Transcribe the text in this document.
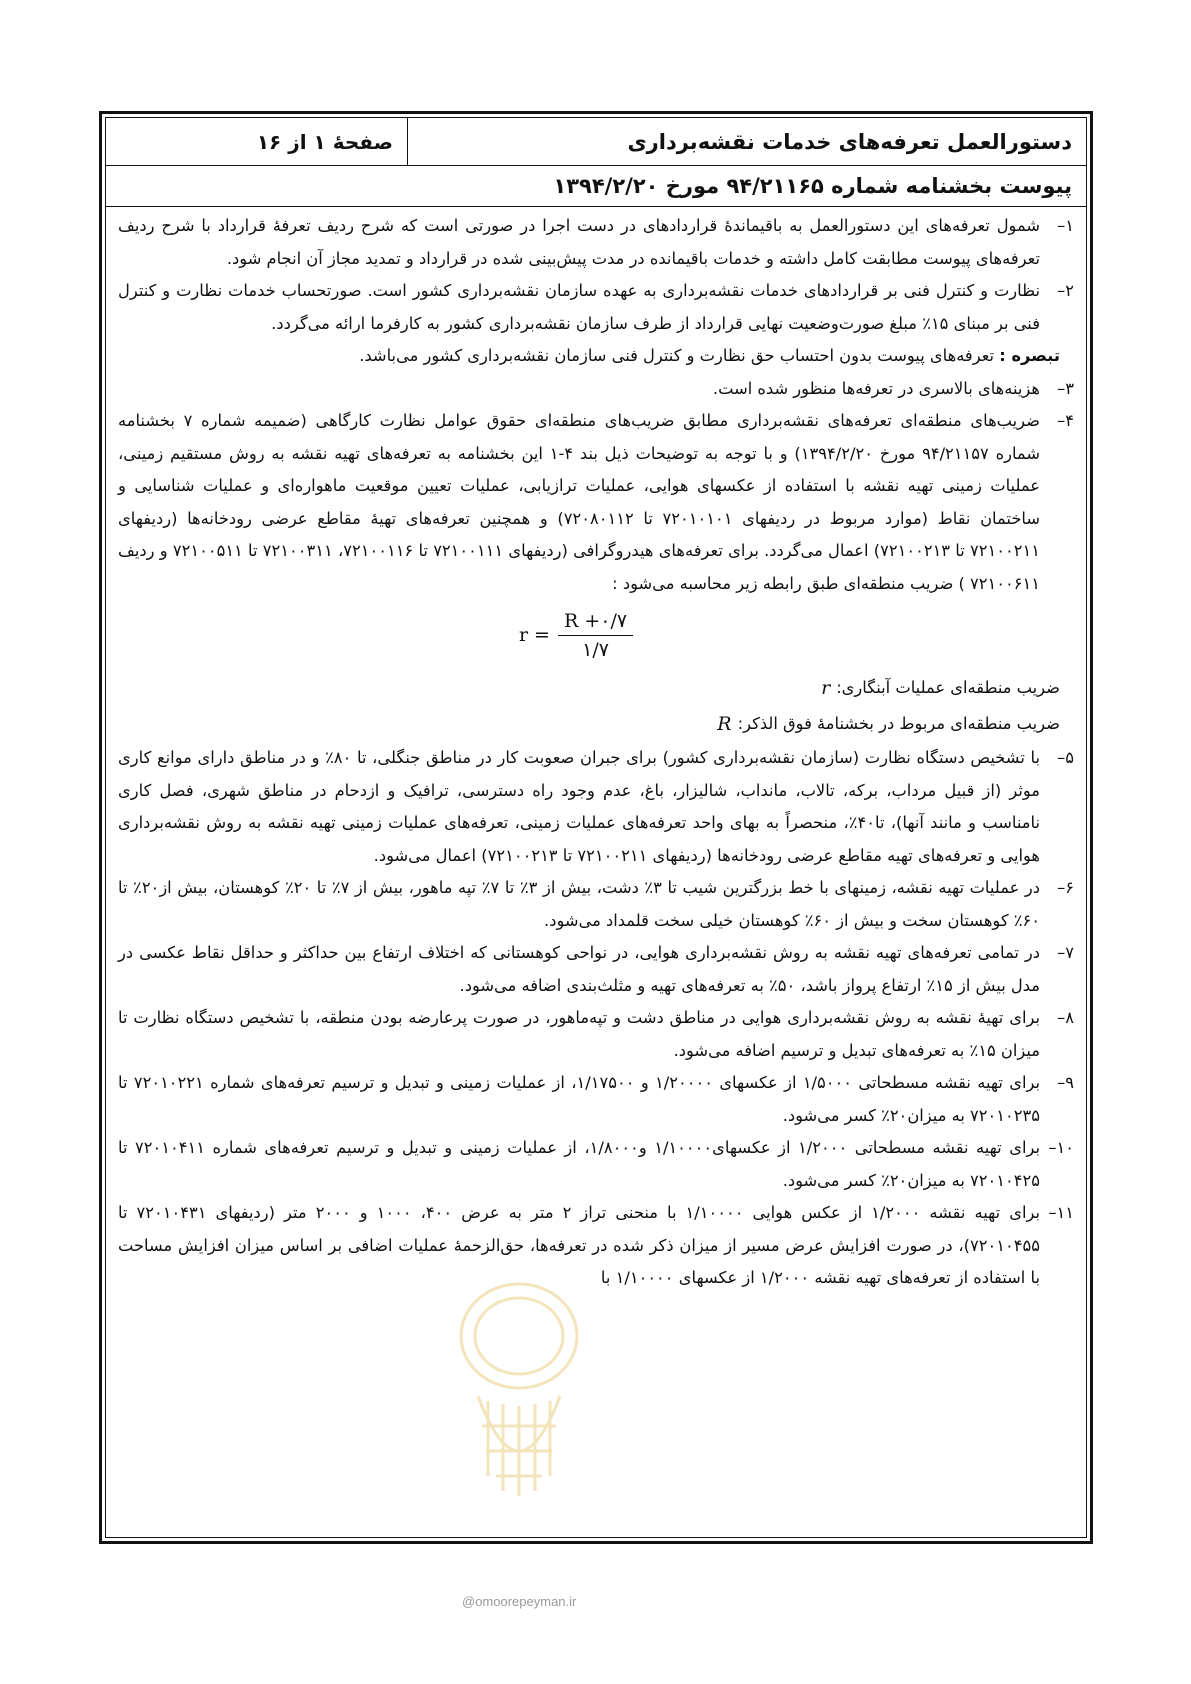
دستورالعمل تعرفه‌های خدمات نقشه‌برداری
صفحهٔ ۱ از ۱۶
پیوست بخشنامه شماره ۹۴/۲۱۱۶۵ مورخ ۱۳۹۴/۲/۲۰
۱–
شمول تعرفه‌های این دستورالعمل به باقیماندهٔ قراردادهای در دست اجرا در صورتی است که شرح ردیف تعرفهٔ قرارداد با شرح ردیف تعرفه‌های پیوست مطابقت کامل داشته و خدمات باقیمانده در مدت پیش‌بینی شده در قرارداد و تمدید مجاز آن انجام شود.
۲–
نظارت و کنترل فنی بر قراردادهای خدمات نقشه‌برداری به عهده سازمان نقشه‌برداری کشور است. صورتحساب خدمات نظارت و کنترل فنی بر مبنای ۱۵٪ مبلغ صورت‌وضعیت نهایی قرارداد از طرف سازمان نقشه‌برداری کشور به کارفرما ارائه می‌گردد.
تبصره : تعرفه‌های پیوست بدون احتساب حق نظارت و کنترل فنی سازمان نقشه‌برداری کشور می‌باشد.
۳–
هزینه‌های بالاسری در تعرفه‌ها منظور شده است.
۴–
ضریب‌های منطقه‌ای تعرفه‌های نقشه‌برداری مطابق ضریب‌های منطقه‌ای حقوق عوامل نظارت کارگاهی (ضمیمه شماره ۷ بخشنامه شماره ۹۴/۲۱۱۵۷ مورخ ۱۳۹۴/۲/۲۰) و با توجه به توضیحات ذیل بند ۴-۱ این بخشنامه به تعرفه‌های تهیه نقشه به روش مستقیم زمینی، عملیات زمینی تهیه نقشه با استفاده از عکسهای هوایی، عملیات ترازیابی، عملیات تعیین موقعیت ماهواره‌ای و عملیات شناسایی و ساختمان نقاط (موارد مربوط در ردیفهای ۷۲۰۱۰۱۰۱ تا ۷۲۰۸۰۱۱۲) و همچنین تعرفه‌های تهیهٔ مقاطع عرضی رودخانه‌ها (ردیفهای ۷۲۱۰۰۲۱۱ تا ۷۲۱۰۰۲۱۳) اعمال می‌گردد. برای تعرفه‌های هیدروگرافی (ردیفهای ۷۲۱۰۰۱۱۱ تا ۷۲۱۰۰۱۱۶، ۷۲۱۰۰۳۱۱ تا ۷۲۱۰۰۵۱۱ و ردیف ۷۲۱۰۰۶۱۱ ) ضریب منطقه‌ای طبق رابطه زیر محاسبه می‌شود :
$r = \frac{R +۰/۷}{۱/۷}$
ضریب منطقه‌ای عملیات آبنگاری:
r
ضریب منطقه‌ای مربوط در بخشنامهٔ فوق الذکر:
R
۵–
با تشخیص دستگاه نظارت (سازمان نقشه‌برداری کشور) برای جبران صعوبت کار در مناطق جنگلی، تا ۸۰٪ و در مناطق دارای موانع کاری موثر (از قبیل مرداب، برکه، تالاب، مانداب، شالیزار، باغ، عدم وجود راه دسترسی، ترافیک و ازدحام در مناطق شهری، فصل کاری نامناسب و مانند آنها)، تا۴۰٪، منحصراً به بهای واحد تعرفه‌های عملیات زمینی، تعرفه‌های عملیات زمینی تهیه نقشه به روش نقشه‌برداری هوایی و تعرفه‌های تهیه مقاطع عرضی رودخانه‌ها (ردیفهای ۷۲۱۰۰۲۱۱ تا ۷۲۱۰۰۲۱۳) اعمال می‌شود.
۶–
در عملیات تهیه نقشه، زمینهای با خط بزرگترین شیب تا ۳٪ دشت، بیش از ۳٪ تا ۷٪ تپه ماهور، بیش از ۷٪ تا ۲۰٪ کوهستان، بیش از۲۰٪ تا ۶۰٪ کوهستان سخت و بیش از ۶۰٪ کوهستان خیلی سخت قلمداد می‌شود.
۷–
در تمامی تعرفه‌های تهیه نقشه به روش نقشه‌برداری هوایی، در نواحی کوهستانی که اختلاف ارتفاع بین حداکثر و حداقل نقاط عکسی در مدل بیش از ۱۵٪ ارتفاع پرواز باشد، ۵۰٪ به تعرفه‌های تهیه و مثلث‌بندی اضافه می‌شود.
۸–
برای تهیهٔ نقشه به روش نقشه‌برداری هوایی در مناطق دشت و تپه‌ماهور، در صورت پرعارضه بودن منطقه، با تشخیص دستگاه نظارت تا میزان ۱۵٪ به تعرفه‌های تبدیل و ترسیم اضافه می‌شود.
۹–
برای تهیه نقشه مسطحاتی ۱/۵۰۰۰ از عکسهای ۱/۲۰۰۰۰ و ۱/۱۷۵۰۰، از عملیات زمینی و تبدیل و ترسیم تعرفه‌های شماره ۷۲۰۱۰۲۲۱ تا ۷۲۰۱۰۲۳۵ به میزان۲۰٪ کسر می‌شود.
۱۰–
برای تهیه نقشه مسطحاتی ۱/۲۰۰۰ از عکسهای۱/۱۰۰۰۰ و۱/۸۰۰۰، از عملیات زمینی و تبدیل و ترسیم تعرفه‌های شماره ۷۲۰۱۰۴۱۱ تا ۷۲۰۱۰۴۲۵ به میزان۲۰٪ کسر می‌شود.
۱۱–
برای تهیه نقشه ۱/۲۰۰۰ از عکس هوایی ۱/۱۰۰۰۰ با منحنی تراز ۲ متر به عرض ۴۰۰، ۱۰۰۰ و ۲۰۰۰ متر (ردیفهای ۷۲۰۱۰۴۳۱ تا ۷۲۰۱۰۴۵۵)، در صورت افزایش عرض مسیر از میزان ذکر شده در تعرفه‌ها، حق‌الزحمهٔ عملیات اضافی بر اساس میزان افزایش مساحت با استفاده از تعرفه‌های تهیه نقشه ۱/۲۰۰۰ از عکسهای ۱/۱۰۰۰۰ با
@omoorepeyman.ir
